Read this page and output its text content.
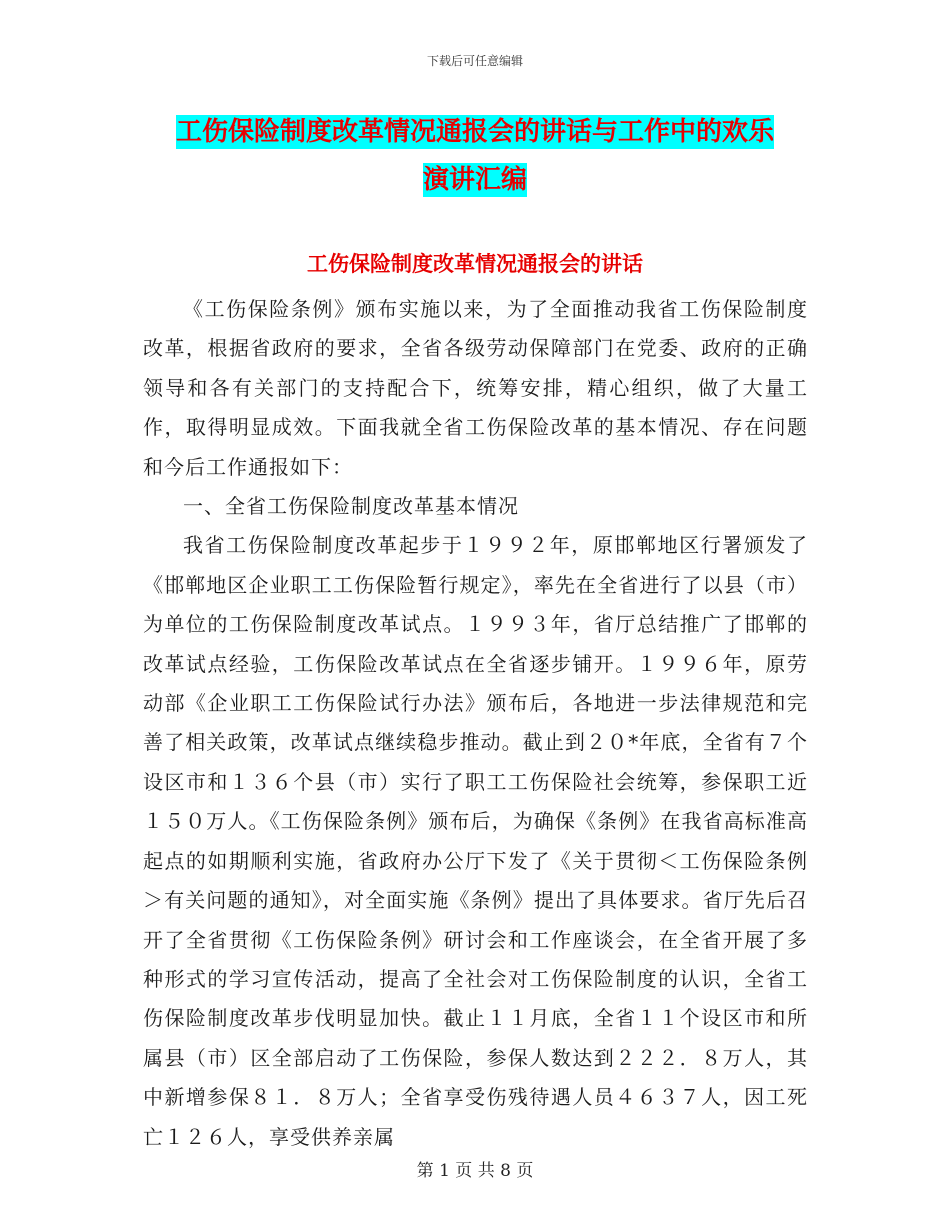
下载后可任意编辑
工伤保险制度改革情况通报会的讲话与工作中的欢乐
演讲汇编
工伤保险制度改革情况通报会的讲话

《工伤保险条例》颁布实施以来，为了全面推动我省工伤保险制度改革，根据省政府的要求，全省各级劳动保障部门在党委、政府的正确领导和各有关部门的支持配合下，统筹安排，精心组织，做了大量工作，取得明显成效。下面我就全省工伤保险改革的基本情况、存在问题和今后工作通报如下：

一、全省工伤保险制度改革基本情况

我省工伤保险制度改革起步于１９９２年，原邯郸地区行署颁发了《邯郸地区企业职工工伤保险暂行规定》，率先在全省进行了以县（市）为单位的工伤保险制度改革试点。１９９３年，省厅总结推广了邯郸的改革试点经验，工伤保险改革试点在全省逐步铺开。１９９６年，原劳动部《企业职工工伤保险试行办法》颁布后，各地进一步法律规范和完善了相关政策，改革试点继续稳步推动。截止到２０*年底，全省有７个设区市和１３６个县（市）实行了职工工伤保险社会统筹，参保职工近１５０万人。《工伤保险条例》颁布后，为确保《条例》在我省高标准高起点的如期顺利实施，省政府办公厅下发了《关于贯彻＜工伤保险条例＞有关问题的通知》，对全面实施《条例》提出了具体要求。省厅先后召开了全省贯彻《工伤保险条例》研讨会和工作座谈会，在全省开展了多种形式的学习宣传活动，提高了全社会对工伤保险制度的认识，全省工伤保险制度改革步伐明显加快。截止１１月底，全省１１个设区市和所属县（市）区全部启动了工伤保险，参保人数达到２２２．８万人，其中新增参保８１．８万人；全省享受伤残待遇人员４６３７人，因工死亡１２６人，享受供养亲属

第 1 页 共 8 页
